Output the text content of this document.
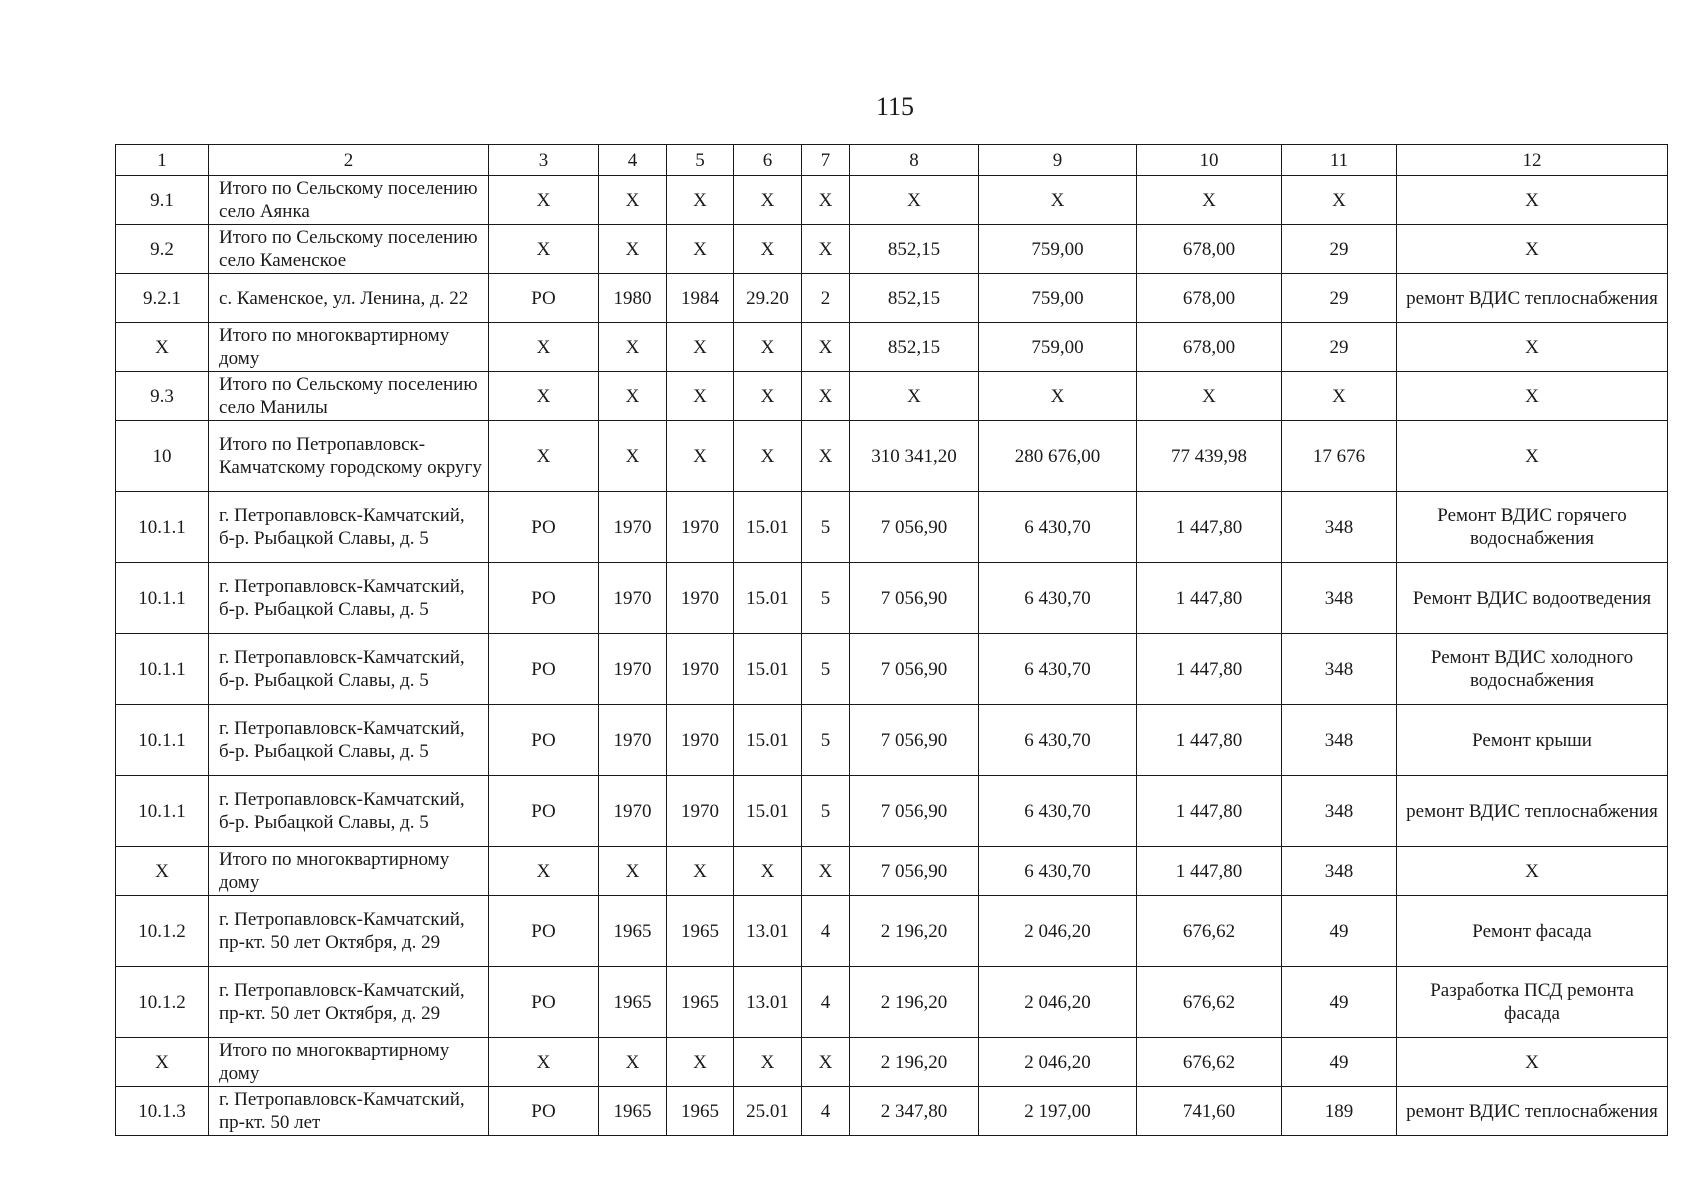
115
1	2	3	4	5	6	7	8	9	10	11	12
9.1	Итого по Сельскому поселению село Аянка	X	X	X	X	X	X	X	X	X	X
9.2	Итого по Сельскому поселению село Каменское	X	X	X	X	X	852,15	759,00	678,00	29	X
9.2.1	с. Каменское, ул. Ленина, д. 22	РО	1980	1984	29.20	2	852,15	759,00	678,00	29	ремонт ВДИС теплоснабжения
X	Итого по многоквартирному дому	X	X	X	X	X	852,15	759,00	678,00	29	X
9.3	Итого по Сельскому поселению село Манилы	X	X	X	X	X	X	X	X	X	X
10	Итого по Петропавловск-Камчатскому городскому округу	X	X	X	X	X	310 341,20	280 676,00	77 439,98	17 676	X
10.1.1	г. Петропавловск-Камчатский, б-р. Рыбацкой Славы, д. 5	РО	1970	1970	15.01	5	7 056,90	6 430,70	1 447,80	348	Ремонт ВДИС горячего водоснабжения
10.1.1	г. Петропавловск-Камчатский, б-р. Рыбацкой Славы, д. 5	РО	1970	1970	15.01	5	7 056,90	6 430,70	1 447,80	348	Ремонт ВДИС водоотведения
10.1.1	г. Петропавловск-Камчатский, б-р. Рыбацкой Славы, д. 5	РО	1970	1970	15.01	5	7 056,90	6 430,70	1 447,80	348	Ремонт ВДИС холодного водоснабжения
10.1.1	г. Петропавловск-Камчатский, б-р. Рыбацкой Славы, д. 5	РО	1970	1970	15.01	5	7 056,90	6 430,70	1 447,80	348	Ремонт крыши
10.1.1	г. Петропавловск-Камчатский, б-р. Рыбацкой Славы, д. 5	РО	1970	1970	15.01	5	7 056,90	6 430,70	1 447,80	348	ремонт ВДИС теплоснабжения
X	Итого по многоквартирному дому	X	X	X	X	X	7 056,90	6 430,70	1 447,80	348	X
10.1.2	г. Петропавловск-Камчатский, пр-кт. 50 лет Октября, д. 29	РО	1965	1965	13.01	4	2 196,20	2 046,20	676,62	49	Ремонт фасада
10.1.2	г. Петропавловск-Камчатский, пр-кт. 50 лет Октября, д. 29	РО	1965	1965	13.01	4	2 196,20	2 046,20	676,62	49	Разработка ПСД ремонта фасада
X	Итого по многоквартирному дому	X	X	X	X	X	2 196,20	2 046,20	676,62	49	X
10.1.3	г. Петропавловск-Камчатский, пр-кт. 50 лет	РО	1965	1965	25.01	4	2 347,80	2 197,00	741,60	189	ремонт ВДИС теплоснабжения
